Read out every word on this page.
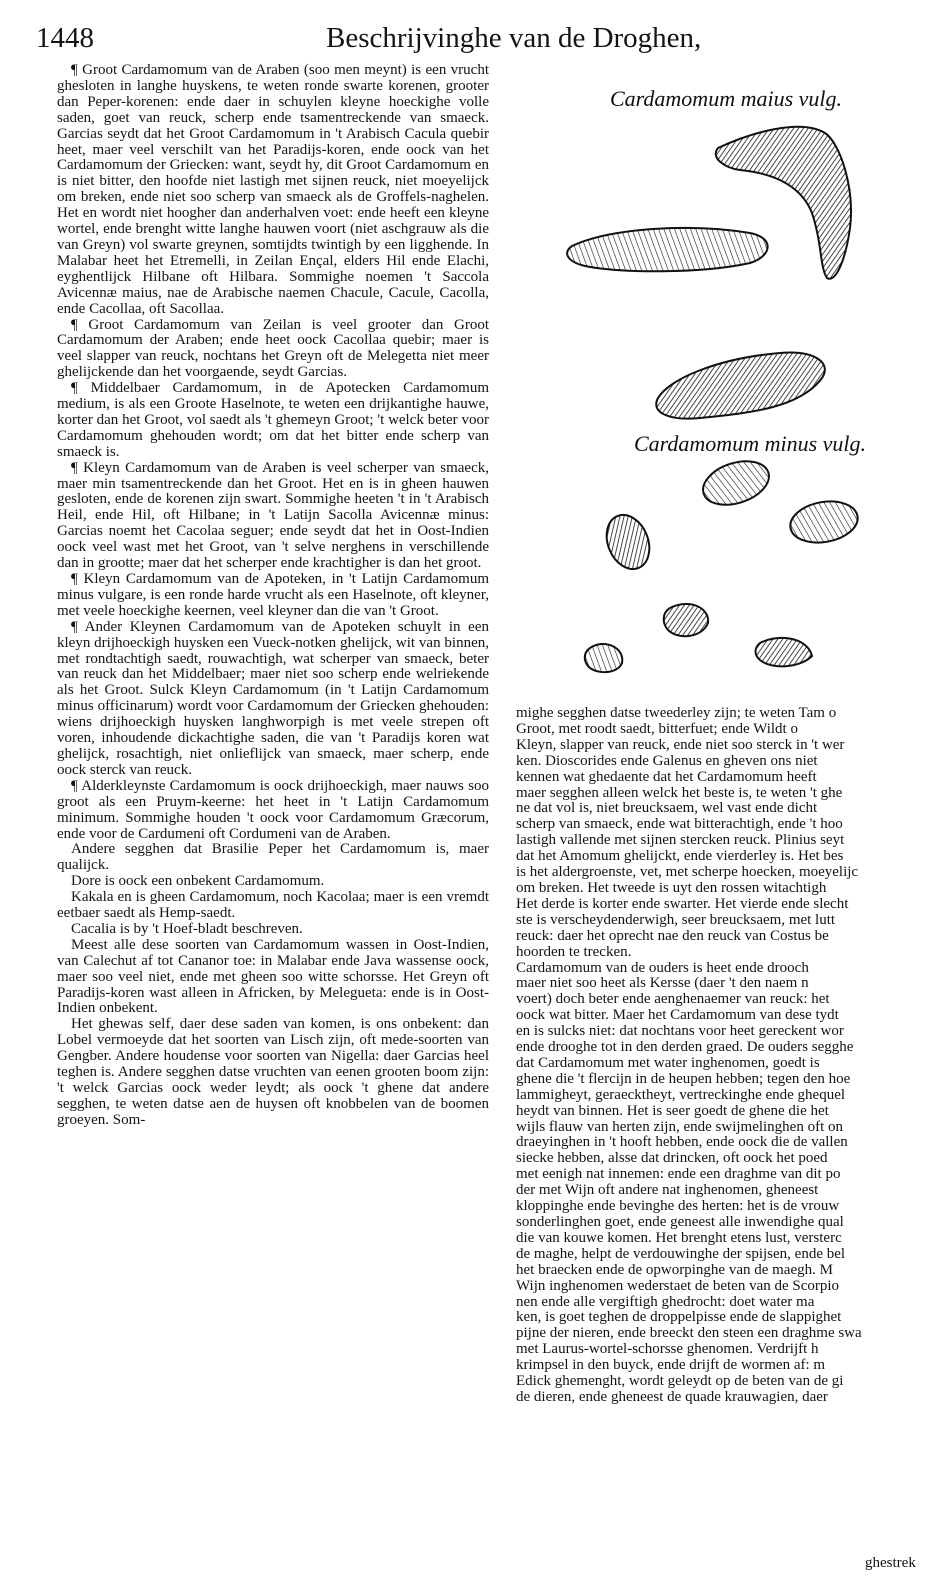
1448	Beschrijvinghe van de Droghen,

¶ Groot Cardamomum van de Araben (soo men meynt) is een vrucht ghesloten in langhe huyskens, te weten ronde swarte korenen, grooter dan Peper-korenen: ende daer in schuylen kleyne hoeckighe volle saden, goet van reuck, scherp ende tsamentreckende van smaeck. Garcias seydt dat het Groot Cardamomum in 't Arabisch Cacula quebir heet, maer veel verschilt van het Paradijs-koren, ende oock van het Cardamomum der Griecken: want, seydt hy, dit Groot Cardamomum en is niet bitter, den hoofde niet lastigh met sijnen reuck, niet moeyelijck om breken, ende niet soo scherp van smaeck als de Groffels-naghelen. Het en wordt niet hoogher dan anderhalven voet: ende heeft een kleyne wortel, ende brenght witte langhe hauwen voort (niet aschgrauw als die van Greyn) vol swarte greynen, somtijdts twintigh by een ligghende. In Malabar heet het Etremelli, in Zeilan Ençal, elders Hil ende Elachi, eyghentlijck Hilbane oft Hilbara. Sommighe noemen 't Saccola Avicennæ maius, nae de Arabische naemen Chacule, Cacule, Cacolla, ende Cacollaa, oft Sacollaa.

¶ Groot Cardamomum van Zeilan is veel grooter dan Groot Cardamomum der Araben; ende heet oock Cacollaa quebir; maer is veel slapper van reuck, nochtans het Greyn oft de Melegetta niet meer ghelijckende dan het voorgaende, seydt Garcias.

¶ Middelbaer Cardamomum, in de Apotecken Cardamomum medium, is als een Groote Haselnote, te weten een drijkantighe hauwe, korter dan het Groot, vol saedt als 't ghemeyn Groot; 't welck beter voor Cardamomum ghehouden wordt; om dat het bitter ende scherp van smaeck is.

¶ Kleyn Cardamomum van de Araben is veel scherper van smaeck, maer min tsamentreckende dan het Groot. Het en is in gheen hauwen gesloten, ende de korenen zijn swart. Sommighe heeten 't in 't Arabisch Heil, ende Hil, oft Hilbane; in 't Latijn Sacolla Avicennæ minus: Garcias noemt het Cacolaa seguer; ende seydt dat het in Oost-Indien oock veel wast met het Groot, van 't selve nerghens in verschillende dan in grootte; maer dat het scherper ende krachtigher is dan het groot.

¶ Kleyn Cardamomum van de Apoteken, in 't Latijn Cardamomum minus vulgare, is een ronde harde vrucht als een Haselnote, oft kleyner, met veele hoeckighe keernen, veel kleyner dan die van 't Groot.

¶ Ander Kleynen Cardamomum van de Apoteken schuylt in een kleyn drijhoeckigh huysken een Vueck-notken ghelijck, wit van binnen, met rondtachtigh saedt, rouwachtigh, wat scherper van smaeck, beter van reuck dan het Middelbaer; maer niet soo scherp ende welriekende als het Groot. Sulck Kleyn Cardamomum (in 't Latijn Cardamomum minus officinarum) wordt voor Cardamomum der Griecken ghehouden: wiens drijhoeckigh huysken langhworpigh is met veele strepen oft voren, inhoudende dickachtighe saden, die van 't Paradijs koren wat ghelijck, rosachtigh, niet onlieflijck van smaeck, maer scherp, ende oock sterck van reuck.

¶ Alderkleynste Cardamomum is oock drijhoeckigh, maer nauws soo groot als een Pruym-keerne: het heet in 't Latijn Cardamomum minimum. Sommighe houden 't oock voor Cardamomum Græcorum, ende voor de Cardumeni oft Cordumeni van de Araben.

Andere segghen dat Brasilie Peper het Cardamomum is, maer qualijck.

Dore is oock een onbekent Cardamomum.

Kakala en is gheen Cardamomum, noch Kacolaa; maer is een vremdt eetbaer saedt als Hemp-saedt.

Cacalia is by 't Hoef-bladt beschreven.

Meest alle dese soorten van Cardamomum wassen in Oost-Indien, van Calechut af tot Cananor toe: in Malabar ende Java wassense oock, maer soo veel niet, ende met gheen soo witte schorsse. Het Greyn oft Paradijs-koren wast alleen in Africken, by Melegueta: ende is in Oost-Indien onbekent.

Het ghewas self, daer dese saden van komen, is ons onbekent: dan Lobel vermoeyde dat het soorten van Lisch zijn, oft mede-soorten van Gengber. Andere houdense voor soorten van Nigella: daer Garcias heel teghen is. Andere segghen datse vruchten van eenen grooten boom zijn: 't welck Garcias oock weder leydt; als oock 't ghene dat andere segghen, te weten datse aen de huysen oft knobbelen van de boomen groeyen. Som-

Cardamomum maius vulg.
Cardamomum minus vulg.

mighe segghen datse tweederley zijn; te weten Tam o

Groot, met roodt saedt, bitterfuet; ende Wildt o

Kleyn, slapper van reuck, ende niet soo sterck in 't wer

ken. Dioscorides ende Galenus en gheven ons niet

kennen wat ghedaente dat het Cardamomum heeft

maer segghen alleen welck het beste is, te weten 't ghe

ne dat vol is, niet breucksaem, wel vast ende dicht

scherp van smaeck, ende wat bitterachtigh, ende 't hoo

lastigh vallende met sijnen stercken reuck. Plinius seyt

dat het Amomum ghelijckt, ende vierderley is. Het bes

is het aldergroenste, vet, met scherpe hoecken, moeyelijc

om breken. Het tweede is uyt den rossen witachtigh

Het derde is korter ende swarter. Het vierde ende slecht

ste is verscheydenderwigh, seer breucksaem, met lutt

reuck: daer het oprecht nae den reuck van Costus be

hoorden te trecken.

Cardamomum van de ouders is heet ende drooch

maer niet soo heet als Kersse (daer 't den naem n

voert) doch beter ende aenghenaemer van reuck: het

oock wat bitter. Maer het Cardamomum van dese tydt

en is sulcks niet: dat nochtans voor heet gereckent wor

ende drooghe tot in den derden graed. De ouders segghe

dat Cardamomum met water inghenomen, goedt is

ghene die 't flercijn in de heupen hebben; tegen den hoe

lammigheyt, geraecktheyt, vertreckinghe ende ghequel

heydt van binnen. Het is seer goedt de ghene die het

wijls flauw van herten zijn, ende swijmelinghen oft on

draeyinghen in 't hooft hebben, ende oock die de vallen

siecke hebben, alsse dat drincken, oft oock het poed

met eenigh nat innemen: ende een draghme van dit po

der met Wijn oft andere nat inghenomen, gheneest

kloppinghe ende bevinghe des herten: het is de vrouw

sonderlinghen goet, ende geneest alle inwendighe qual

die van kouwe komen. Het brenght etens lust, versterc

de maghe, helpt de verdouwinghe der spijsen, ende bel

het braecken ende de opworpinghe van de maegh. M

Wijn inghenomen wederstaet de beten van de Scorpio

nen ende alle vergiftigh ghedrocht: doet water ma

ken, is goet teghen de droppelpisse ende de slappighet

pijne der nieren, ende breeckt den steen een draghme swa

met Laurus-wortel-schorsse ghenomen. Verdrijft h

krimpsel in den buyck, ende drijft de wormen af: m

Edick ghemenght, wordt geleydt op de beten van de gi

de dieren, ende gheneest de quade krauwagien, daer

ghestrek
